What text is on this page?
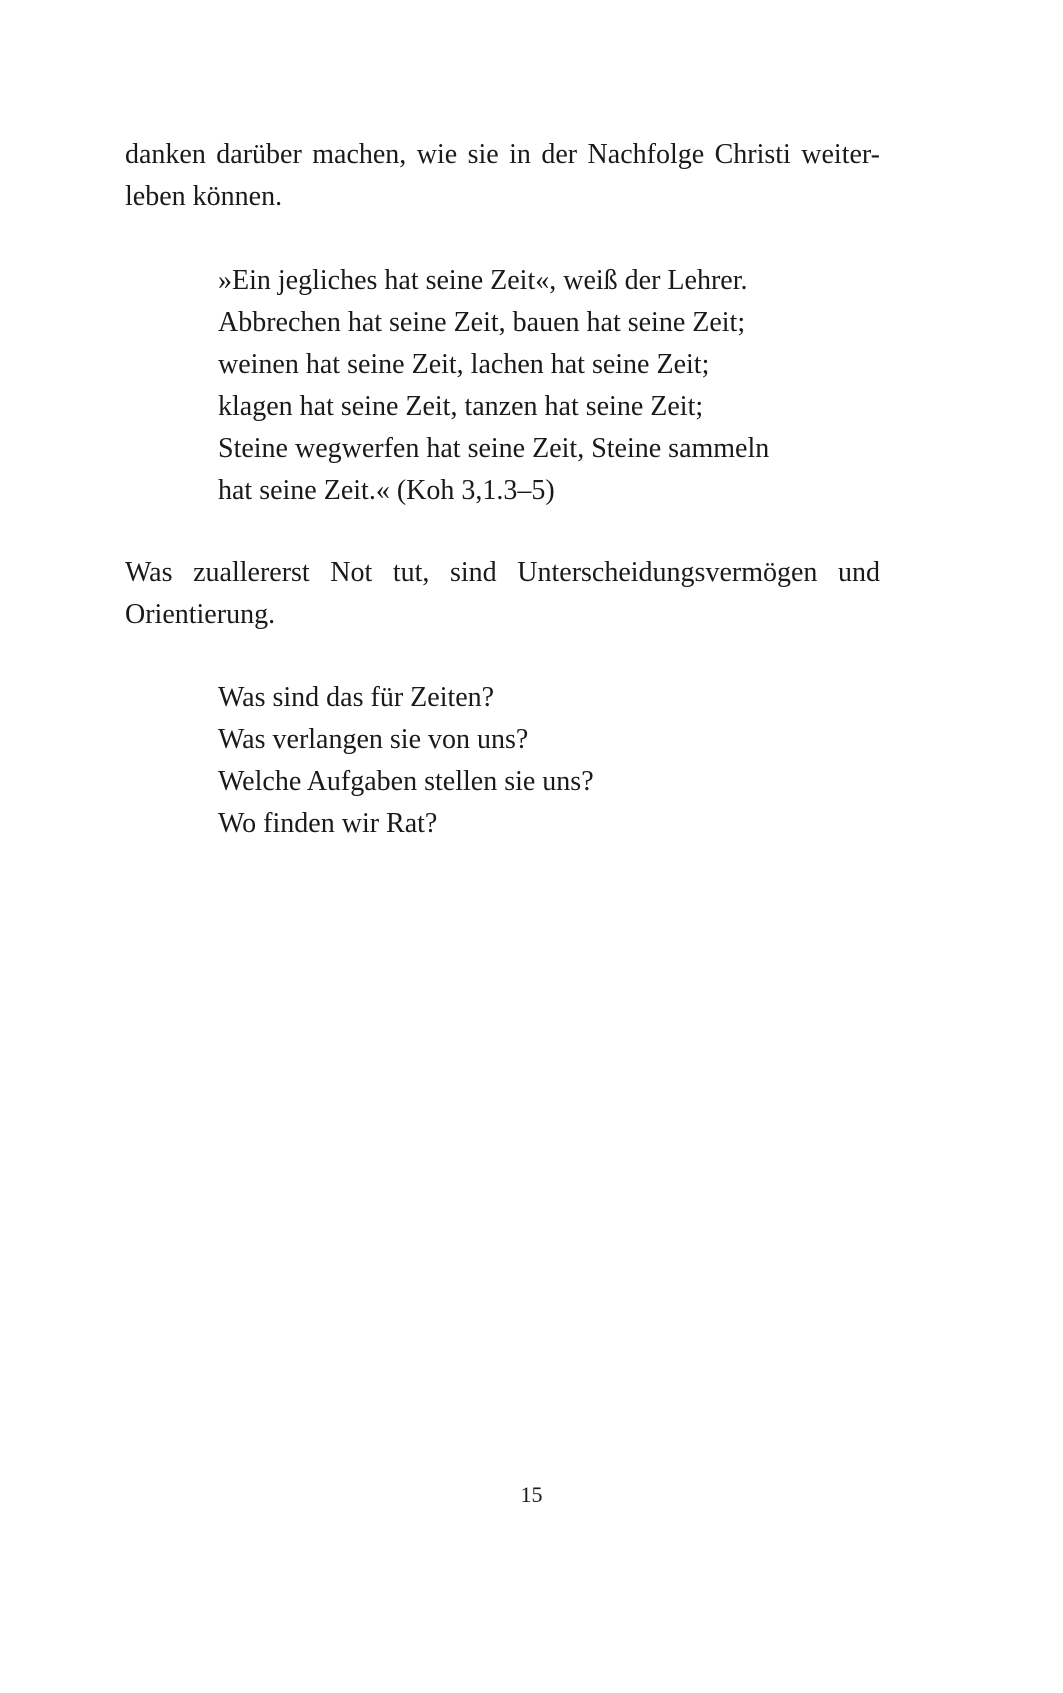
danken darüber machen, wie sie in der Nachfolge Christi weiter-
leben können.

»Ein jegliches hat seine Zeit«, weiß der Lehrer.
Abbrechen hat seine Zeit, bauen hat seine Zeit;
weinen hat seine Zeit, lachen hat seine Zeit;
klagen hat seine Zeit, tanzen hat seine Zeit;
Steine wegwerfen hat seine Zeit, Steine sammeln
hat seine Zeit.« (Koh 3,1.3–5)

Was zuallererst Not tut, sind Unterscheidungsvermögen und
Orientierung.

Was sind das für Zeiten?
Was verlangen sie von uns?
Welche Aufgaben stellen sie uns?
Wo finden wir Rat?
15
